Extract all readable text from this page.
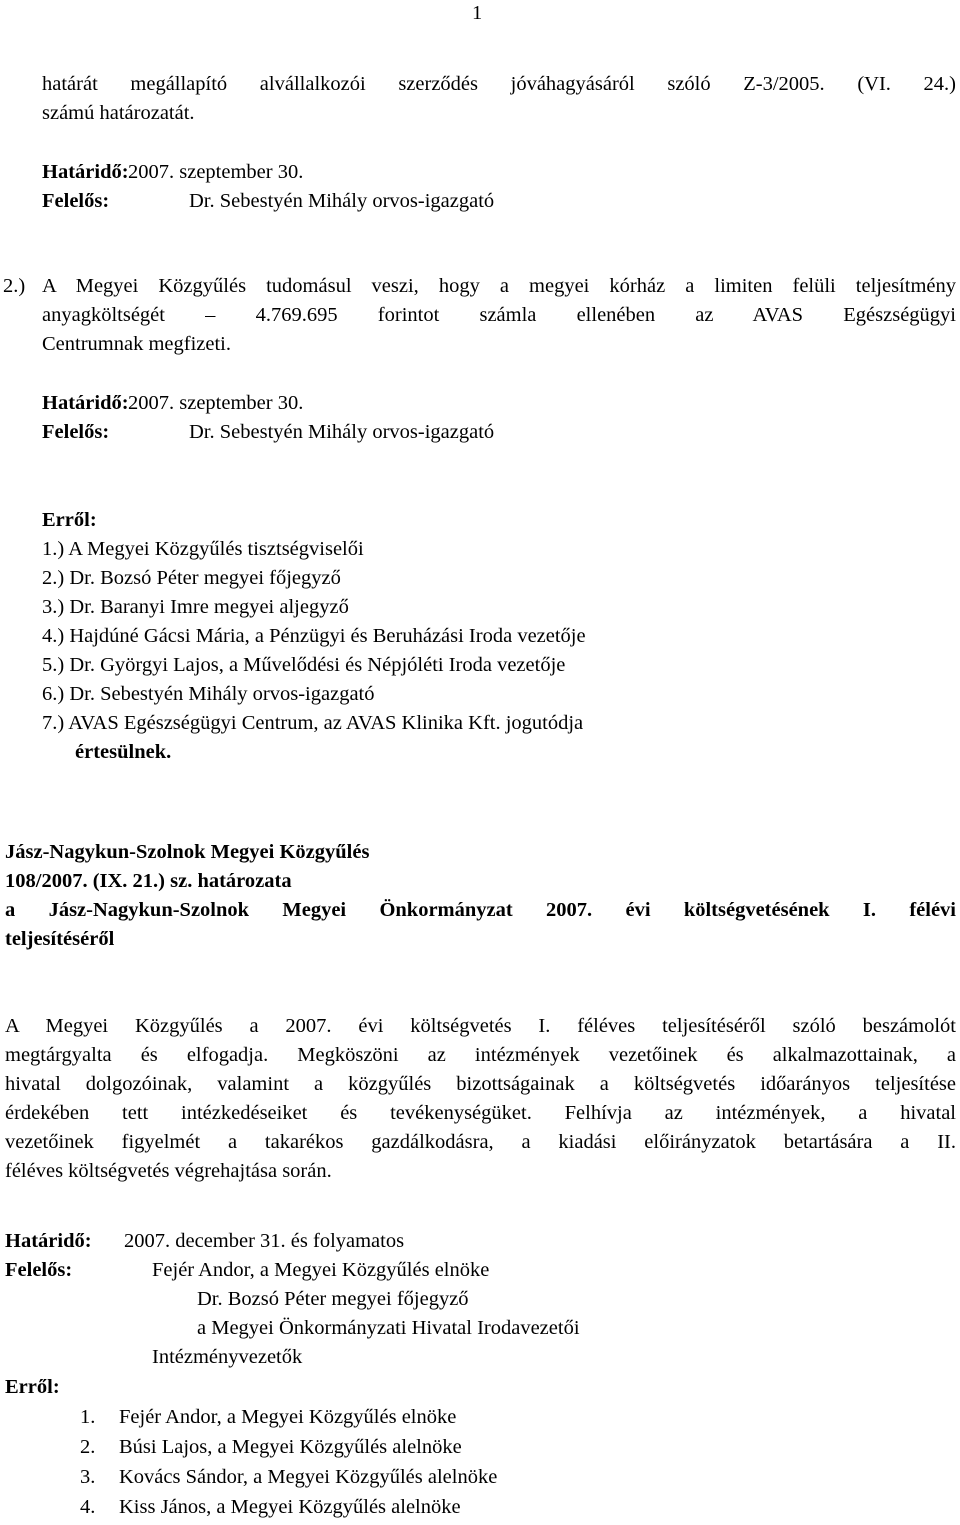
1
határát megállapító alvállalkozói szerződés jóváhagyásáról szóló Z-3/2005. (VI. 24.)
számú határozatát.
Határidő: 2007. szeptember 30.
Felelős:	Dr. Sebestyén Mihály orvos-igazgató
2.) A Megyei Közgyűlés tudomásul veszi, hogy a megyei kórház a limiten felüli teljesítmény
anyagköltségét – 4.769.695 forintot számla ellenében az AVAS Egészségügyi
Centrumnak megfizeti.
Határidő: 2007. szeptember 30.
Felelős:	Dr. Sebestyén Mihály orvos-igazgató
Erről:
1.) A Megyei Közgyűlés tisztségviselői
2.) Dr. Bozsó Péter megyei főjegyző
3.) Dr. Baranyi Imre megyei aljegyző
4.) Hajdúné Gácsi Mária, a Pénzügyi és Beruházási Iroda vezetője
5.) Dr. Györgyi Lajos, a Művelődési és Népjóléti Iroda vezetője
6.) Dr. Sebestyén Mihály orvos-igazgató
7.) AVAS Egészségügyi Centrum, az AVAS Klinika Kft. jogutódja
értesülnek.
Jász-Nagykun-Szolnok Megyei Közgyűlés
108/2007. (IX. 21.) sz. határozata
a Jász-Nagykun-Szolnok Megyei Önkormányzat 2007. évi költségvetésének I. félévi
teljesítéséről
A Megyei Közgyűlés a 2007. évi költségvetés I. féléves teljesítéséről szóló beszámolót
megtárgyalta és elfogadja. Megköszöni az intézmények vezetőinek és alkalmazottainak, a
hivatal dolgozóinak, valamint a közgyűlés bizottságainak a költségvetés időarányos teljesítése
érdekében tett intézkedéseiket és tevékenységüket. Felhívja az intézmények, a hivatal
vezetőinek figyelmét a takarékos gazdálkodásra, a kiadási előirányzatok betartására a II.
féléves költségvetés végrehajtása során.
Határidő: 2007. december 31. és folyamatos
Felelős:	Fejér Andor, a Megyei Közgyűlés elnöke
Dr. Bozsó Péter megyei főjegyző
a Megyei Önkormányzati Hivatal Irodavezetői
Intézményvezetők
Erről:
1. Fejér Andor, a Megyei Közgyűlés elnöke
2. Búsi Lajos, a Megyei Közgyűlés alelnöke
3. Kovács Sándor, a Megyei Közgyűlés alelnöke
4. Kiss János, a Megyei Közgyűlés alelnöke
